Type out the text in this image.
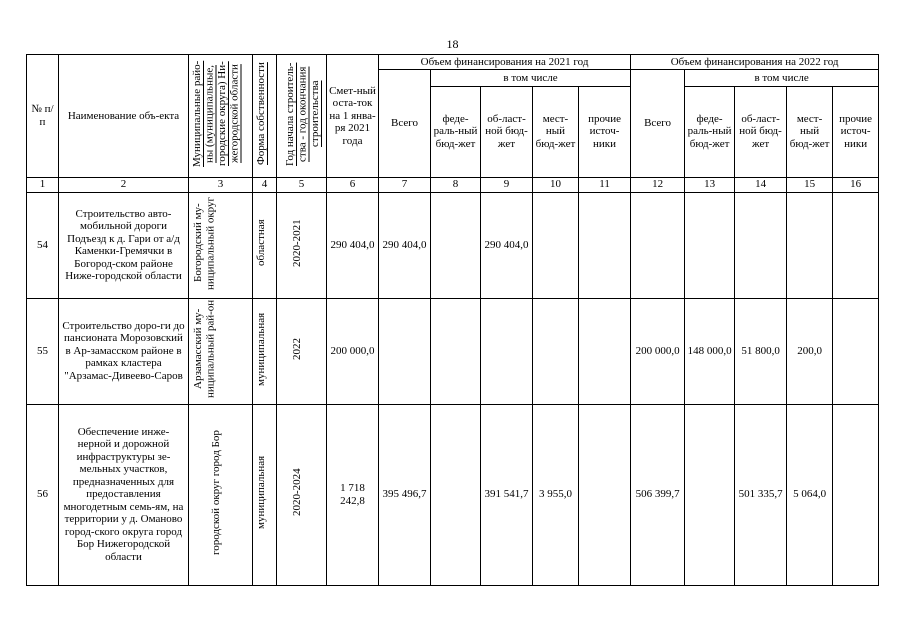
18
№ п/п	Наименование объ-екта	Муниципальные райо-ны (муниципальные, городские округа) Ни-жегородской области	Форма собственности	Год начала строитель-ства - год окончания строительства	Смет-ный оста-ток на 1 янва-ря 2021 года	Объем финансирования на 2021 год					Объем финансирования на 2022 год				
						Всего	в том числе				Всего	в том числе			
							феде-раль-ный бюд-жет	об-ласт-ной бюд-жет	мест-ный бюд-жет	прочие источ-ники		феде-раль-ный бюд-жет	об-ласт-ной бюд-жет	мест-ный бюд-жет	прочие источ-ники
1	2	3	4	5	6	7	8	9	10	11	12	13	14	15	16
54	Строительство авто-мобильной дороги Подъезд к д. Гари от а/д Каменки-Гремячки в Богород-ском районе Ниже-городской области	Богородский му-ниципальный округ	областная	2020-2021	290 404,0	290 404,0		290 404,0							
55	Строительство доро-ги до пансионата Морозовский в Ар-замасском районе в рамках кластера "Арзамас-Дивеево-Саров	Арзамасский му-ниципальный рай-он	муниципальная	2022	200 000,0						200 000,0	148 000,0	51 800,0	200,0	
56	Обеспечение инже-нерной и дорожной инфраструктуры зе-мельных участков, предназначенных для предоставления многодетным семь-ям, на территории у д. Оманово город-ского округа город Бор Нижегородской области	городской округ город Бор	муниципальная	2020-2024	1 718 242,8	395 496,7		391 541,7	3 955,0		506 399,7		501 335,7	5 064,0	
